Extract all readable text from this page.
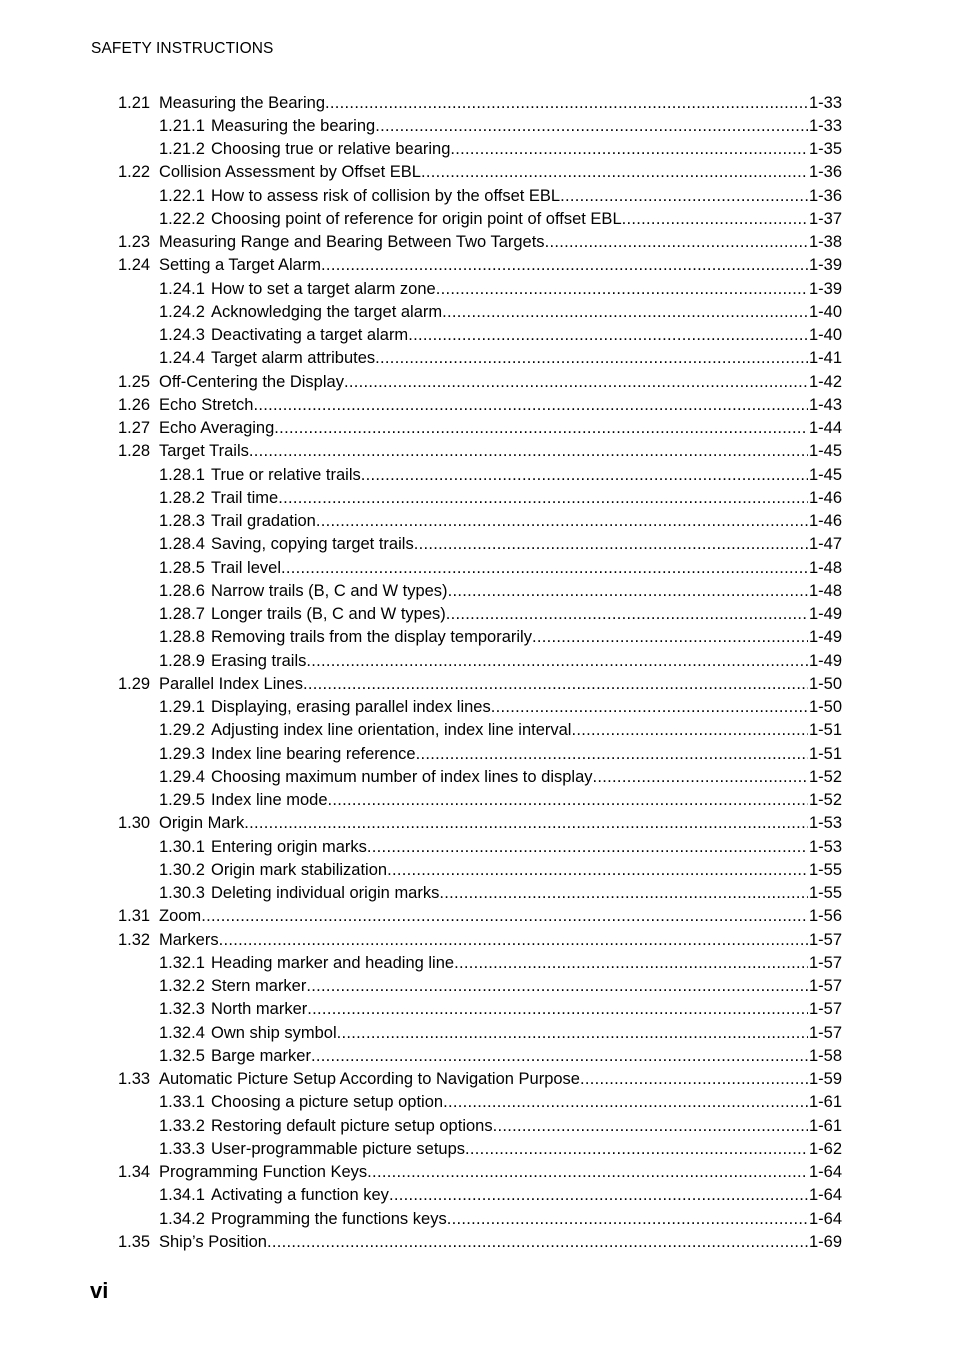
SAFETY INSTRUCTIONS
1.21 Measuring the Bearing .....	1-33
1.21.1 Measuring the bearing .....	1-33
1.21.2 Choosing true or relative bearing .....	1-35
1.22 Collision Assessment by Offset EBL .....	1-36
1.22.1 How to assess risk of collision by the offset EBL .....	1-36
1.22.2 Choosing point of reference for origin point of offset EBL .....	1-37
1.23 Measuring Range and Bearing Between Two Targets .....	1-38
1.24 Setting a Target Alarm .....	1-39
1.24.1 How to set a target alarm zone .....	1-39
1.24.2 Acknowledging the target alarm .....	1-40
1.24.3 Deactivating a target alarm .....	1-40
1.24.4 Target alarm attributes .....	1-41
1.25 Off-Centering the Display .....	1-42
1.26 Echo Stretch .....	1-43
1.27 Echo Averaging .....	1-44
1.28 Target Trails .....	1-45
1.28.1 True or relative trails .....	1-45
1.28.2 Trail time .....	1-46
1.28.3 Trail gradation .....	1-46
1.28.4 Saving, copying target trails .....	1-47
1.28.5 Trail level .....	1-48
1.28.6 Narrow trails (B, C and W types) .....	1-48
1.28.7 Longer trails (B, C and W types) .....	1-49
1.28.8 Removing trails from the display temporarily .....	1-49
1.28.9 Erasing trails .....	1-49
1.29 Parallel Index Lines .....	1-50
1.29.1 Displaying, erasing parallel index lines .....	1-50
1.29.2 Adjusting index line orientation, index line interval .....	1-51
1.29.3 Index line bearing reference .....	1-51
1.29.4 Choosing maximum number of index lines to display .....	1-52
1.29.5 Index line mode .....	1-52
1.30 Origin Mark .....	1-53
1.30.1 Entering origin marks .....	1-53
1.30.2 Origin mark stabilization .....	1-55
1.30.3 Deleting individual origin marks .....	1-55
1.31 Zoom .....	1-56
1.32 Markers .....	1-57
1.32.1 Heading marker and heading line .....	1-57
1.32.2 Stern marker .....	1-57
1.32.3 North marker .....	1-57
1.32.4 Own ship symbol .....	1-57
1.32.5 Barge marker .....	1-58
1.33 Automatic Picture Setup According to Navigation Purpose .....	1-59
1.33.1 Choosing a picture setup option .....	1-61
1.33.2 Restoring default picture setup options .....	1-61
1.33.3 User-programmable picture setups .....	1-62
1.34 Programming Function Keys .....	1-64
1.34.1 Activating a function key .....	1-64
1.34.2 Programming the functions keys .....	1-64
1.35 Ship’s Position .....	1-69
vi
